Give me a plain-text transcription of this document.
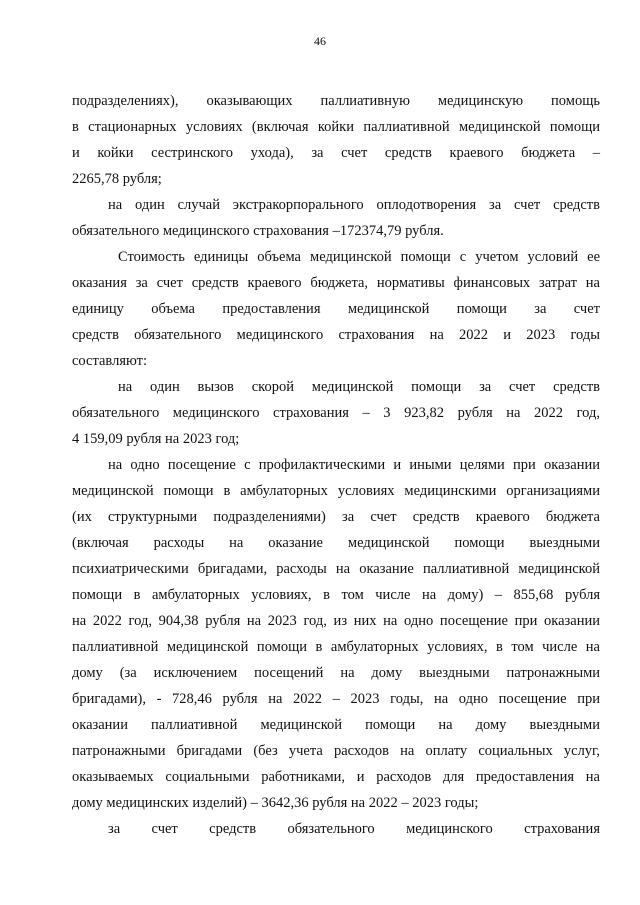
46

подразделениях), оказывающих паллиативную медицинскую помощь
в стационарных условиях (включая койки паллиативной медицинской помощи
и койки сестринского ухода), за счет средств краевого бюджета –
2265,78 рубля;

на один случай экстракорпорального оплодотворения за счет средств
обязательного медицинского страхования –172374,79 рубля.

Стоимость единицы объема медицинской помощи с учетом условий ее
оказания за счет средств краевого бюджета, нормативы финансовых затрат на
единицу объема предоставления медицинской помощи за счет
средств обязательного медицинского страхования на 2022 и 2023 годы
составляют:

на один вызов скорой медицинской помощи за счет средств
обязательного медицинского страхования – 3 923,82 рубля на 2022 год,
4 159,09 рубля на 2023 год;

на одно посещение с профилактическими и иными целями при оказании
медицинской помощи в амбулаторных условиях медицинскими организациями
(их структурными подразделениями) за счет средств краевого бюджета
(включая расходы на оказание медицинской помощи выездными
психиатрическими бригадами, расходы на оказание паллиативной медицинской
помощи в амбулаторных условиях, в том числе на дому) – 855,68 рубля
на 2022 год, 904,38 рубля на 2023 год, из них на одно посещение при оказании
паллиативной медицинской помощи в амбулаторных условиях, в том числе на
дому (за исключением посещений на дому выездными патронажными
бригадами), - 728,46 рубля на 2022 – 2023 годы, на одно посещение при
оказании паллиативной медицинской помощи на дому выездными
патронажными бригадами (без учета расходов на оплату социальных услуг,
оказываемых социальными работниками, и расходов для предоставления на
дому медицинских изделий) – 3642,36 рубля на 2022 – 2023 годы;

за счет средств обязательного медицинского страхования
